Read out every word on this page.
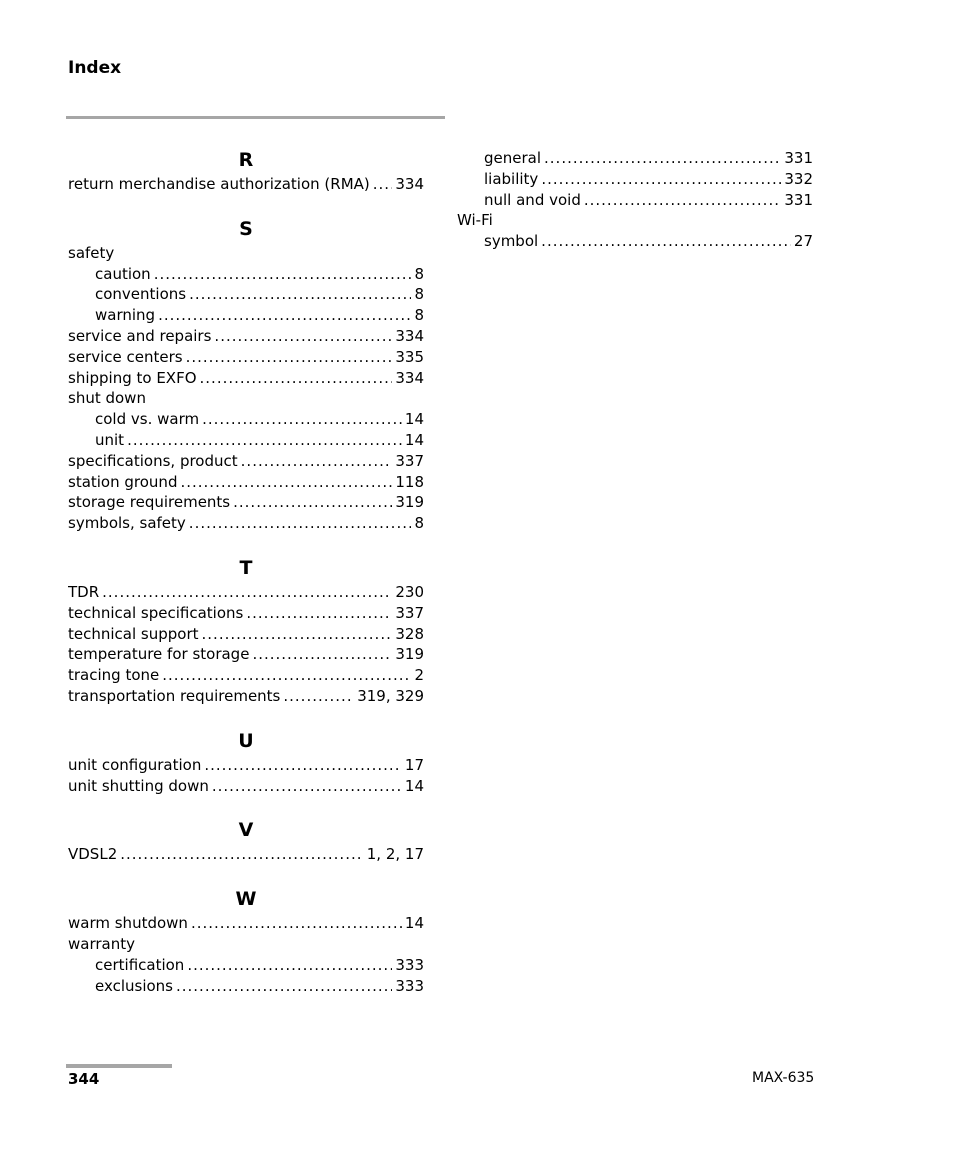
Index
R
return merchandise authorization (RMA) ..... 334
S
safety
caution .....	8
conventions .....	8
warning .....	8
service and repairs .....	334
service centers .....	335
shipping to EXFO .....	334
shut down
cold vs. warm .....	14
unit .....	14
specifications, product .....	337
station ground .....	118
storage requirements .....	319
symbols, safety .....	8
T
TDR .....	230
technical specifications .....	337
technical support .....	328
temperature for storage .....	319
tracing tone .....	2
transportation requirements .....	319, 329
U
unit configuration .....	17
unit shutting down .....	14
V
VDSL2 .....	1, 2, 17
W
warm shutdown .....	14
warranty
certification .....	333
exclusions .....	333
general .....	331
liability .....	332
null and void .....	331
Wi-Fi
symbol .....	27
344	MAX-635
